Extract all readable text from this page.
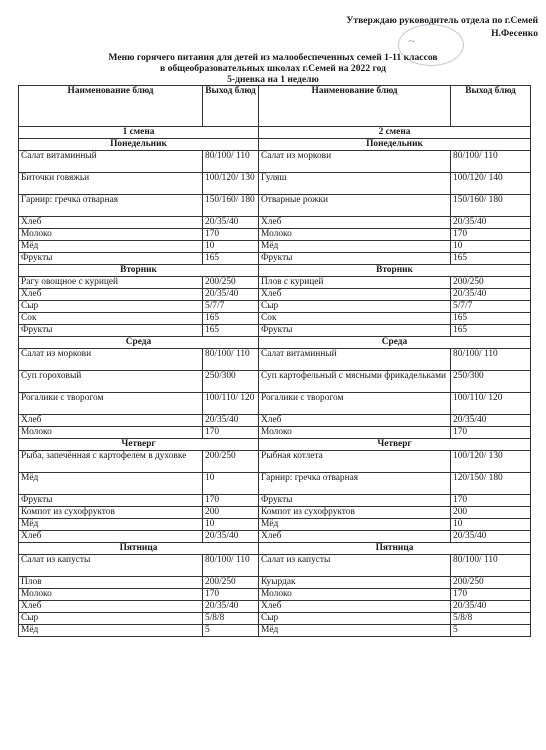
Утверждаю руководитель отдела по г.Семей
Н.Фесенко
~
Меню горячего питания для детей из малообеспеченных семей 1-11 классов
в общеобразовательных школах г.Семей на 2022 год
5-дневка на 1 неделю
Наименование блюд	Выход блюд	Наименование блюд	Выход блюд
1 смена		2 смена	
Понедельник		Понедельник	
Салат витаминный	80/100/ 110	Салат из моркови	80/100/ 110
Биточки говяжьи	100/120/ 130	Гуляш	100/120/ 140
Гарнир: гречка отварная	150/160/ 180	Отварные рожки	150/160/ 180
Хлеб	20/35/40	Хлеб	20/35/40
Молоко	170	Молоко	170
Мёд	10	Мёд	10
Фрукты	165	Фрукты	165
Вторник		Вторник	
Рагу овощное с курицей	200/250	Плов с курицей	200/250
Хлеб	20/35/40	Хлеб	20/35/40
Сыр	5/7/7	Сыр	5/7/7
Сок	165	Сок	165
Фрукты	165	Фрукты	165
Среда		Среда	
Салат из моркови	80/100/ 110	Салат витаминный	80/100/ 110
Суп гороховый	250/300	Суп картофельный с мясными фрикадельками	250/300
Рогалики с творогом	100/110/ 120	Рогалики с творогом	100/110/ 120
Хлеб	20/35/40	Хлеб	20/35/40
Молоко	170	Молоко	170
Четверг		Четверг	
Рыба, запечённая с картофелем в духовке	200/250	Рыбная котлета	100/120/ 130
Мёд	10	Гарнир: гречка отварная	120/150/ 180
Фрукты	170	Фрукты	170
Компот из сухофруктов	200	Компот из сухофруктов	200
Мёд	10	Мёд	10
Хлеб	20/35/40	Хлеб	20/35/40
Пятница		Пятница	
Салат из капусты	80/100/ 110	Салат из капусты	80/100/ 110
Плов	200/250	Куырдак	200/250
Молоко	170	Молоко	170
Хлеб	20/35/40	Хлеб	20/35/40
Сыр	5/8/8	Сыр	5/8/8
Мёд	5	Мёд	5
